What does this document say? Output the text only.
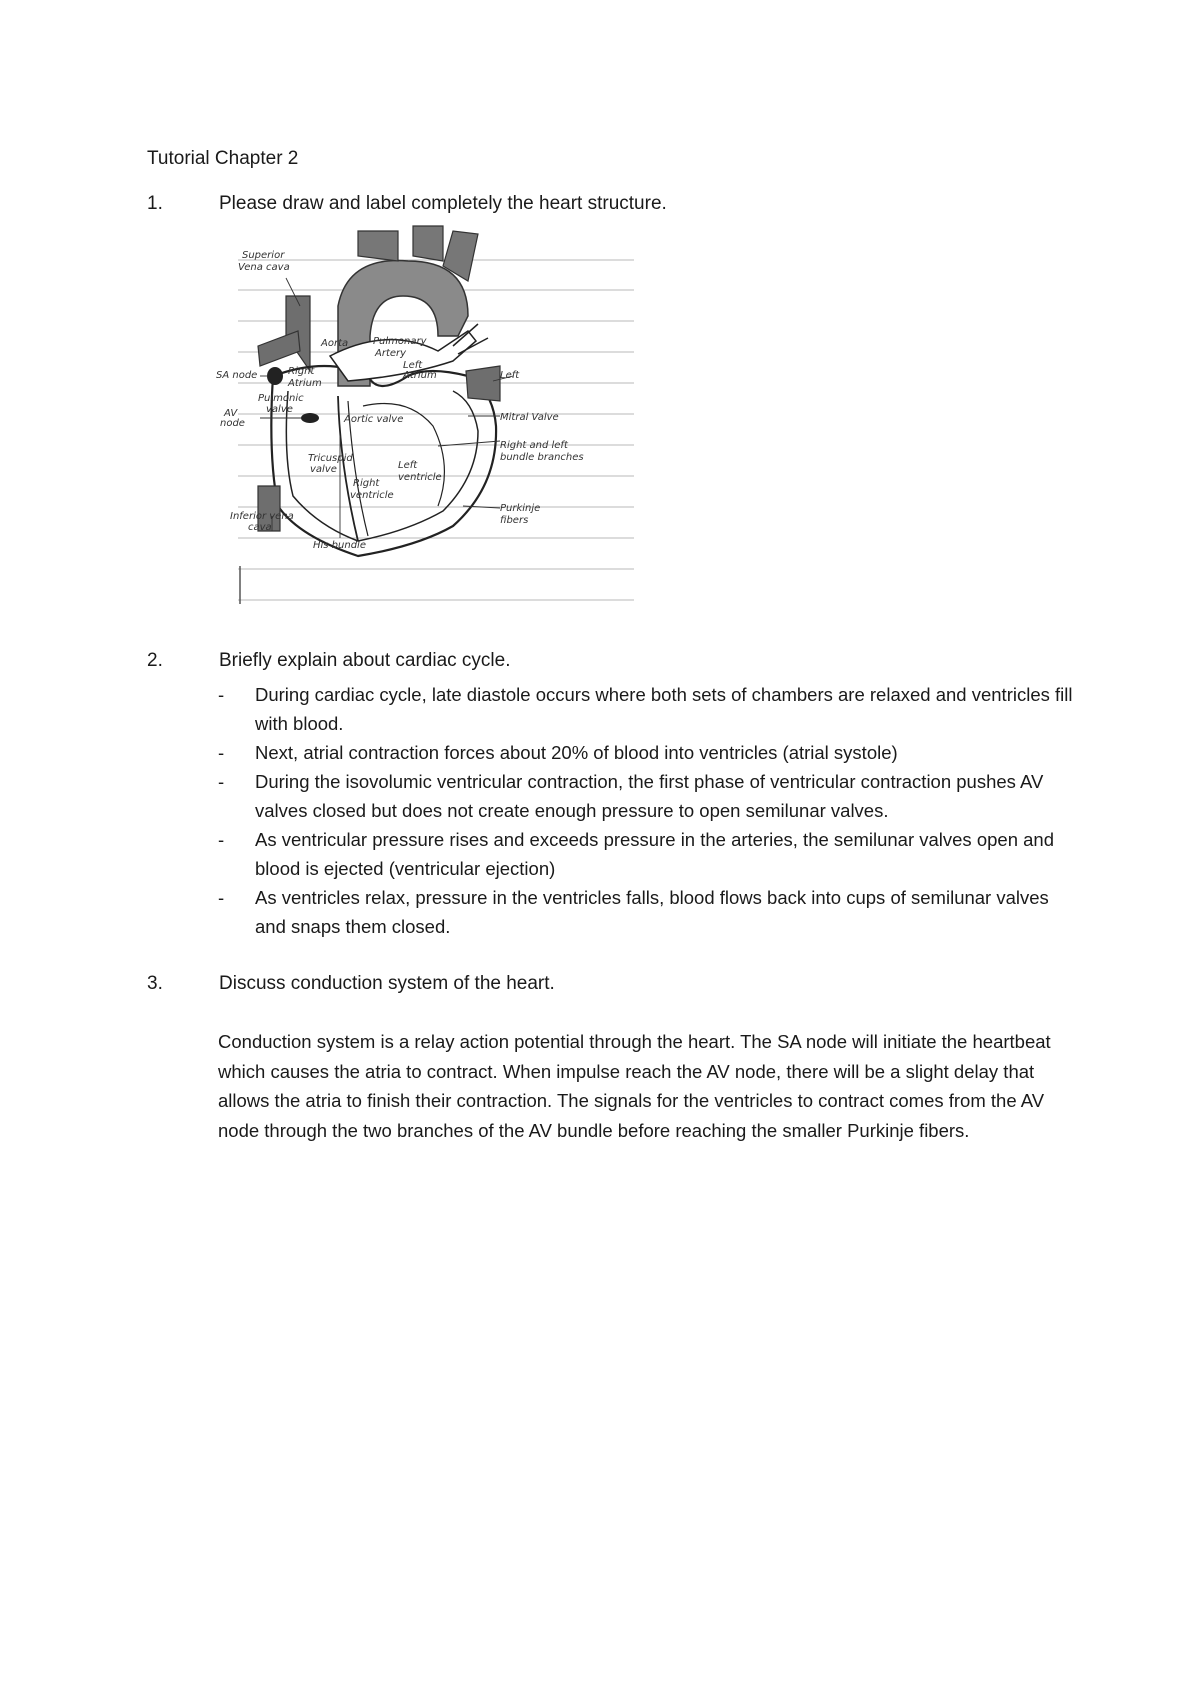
Tutorial Chapter 2
1.	Please draw and label completely the heart structure.
Superior
Vena cava
SA node
AV
node
Aorta Pulmonary
Artery
Right
Atrium
Pulmonic
valve
Left
Atrium	Left
Mitral Valve
Aortic valve
Tricuspid
valve
Right and left
bundle branches
Left
ventricle
Right
ventricle
Purkinje
fibers
Inferior vena
cava
His bundle
2.	Briefly explain about cardiac cycle.
- During cardiac cycle, late diastole occurs where both sets of chambers are relaxed and ventricles fill with blood.
- Next, atrial contraction forces about 20% of blood into ventricles (atrial systole)
- During the isovolumic ventricular contraction, the first phase of ventricular contraction pushes AV valves closed but does not create enough pressure to open semilunar valves.
- As ventricular pressure rises and exceeds pressure in the arteries, the semilunar valves open and blood is ejected (ventricular ejection)
- As ventricles relax, pressure in the ventricles falls, blood flows back into cups of semilunar valves and snaps them closed.
3.	Discuss conduction system of the heart.

Conduction system is a relay action potential through the heart. The SA node will initiate the heartbeat which causes the atria to contract. When impulse reach the AV node, there will be a slight delay that allows the atria to finish their contraction. The signals for the ventricles to contract comes from the AV node through the two branches of the AV bundle before reaching the smaller Purkinje fibers.
